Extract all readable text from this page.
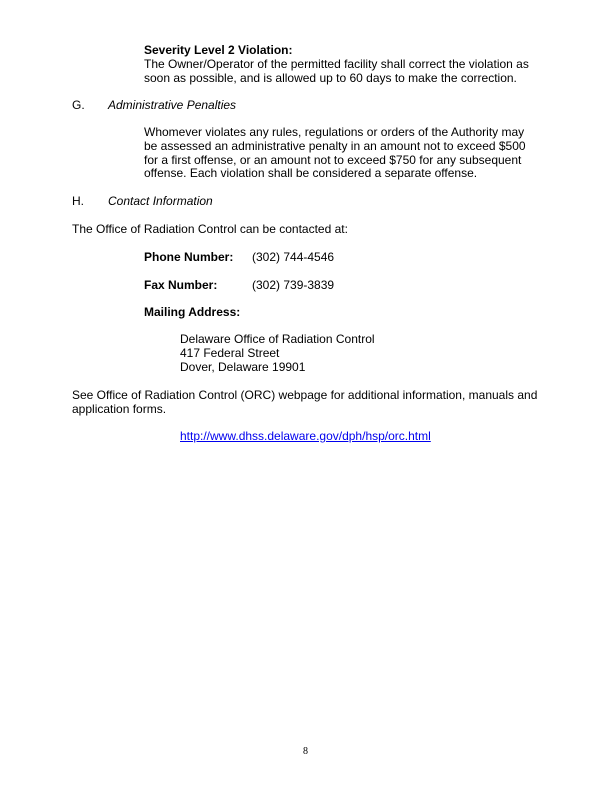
Severity Level 2 Violation:
The Owner/Operator of the permitted facility shall correct the violation as
soon as possible, and is allowed up to 60 days to make the correction.
G. Administrative Penalties
Whomever violates any rules, regulations or orders of the Authority may
be assessed an administrative penalty in an amount not to exceed $500
for a first offense, or an amount not to exceed $750 for any subsequent
offense. Each violation shall be considered a separate offense.
H. Contact Information
The Office of Radiation Control can be contacted at:
Phone Number: (302) 744-4546
Fax Number:	(302) 739-3839
Mailing Address:
Delaware Office of Radiation Control
417 Federal Street
Dover, Delaware 19901
See Office of Radiation Control (ORC) webpage for additional information, manuals and
application forms.
http://www.dhss.delaware.gov/dph/hsp/orc.html
8
